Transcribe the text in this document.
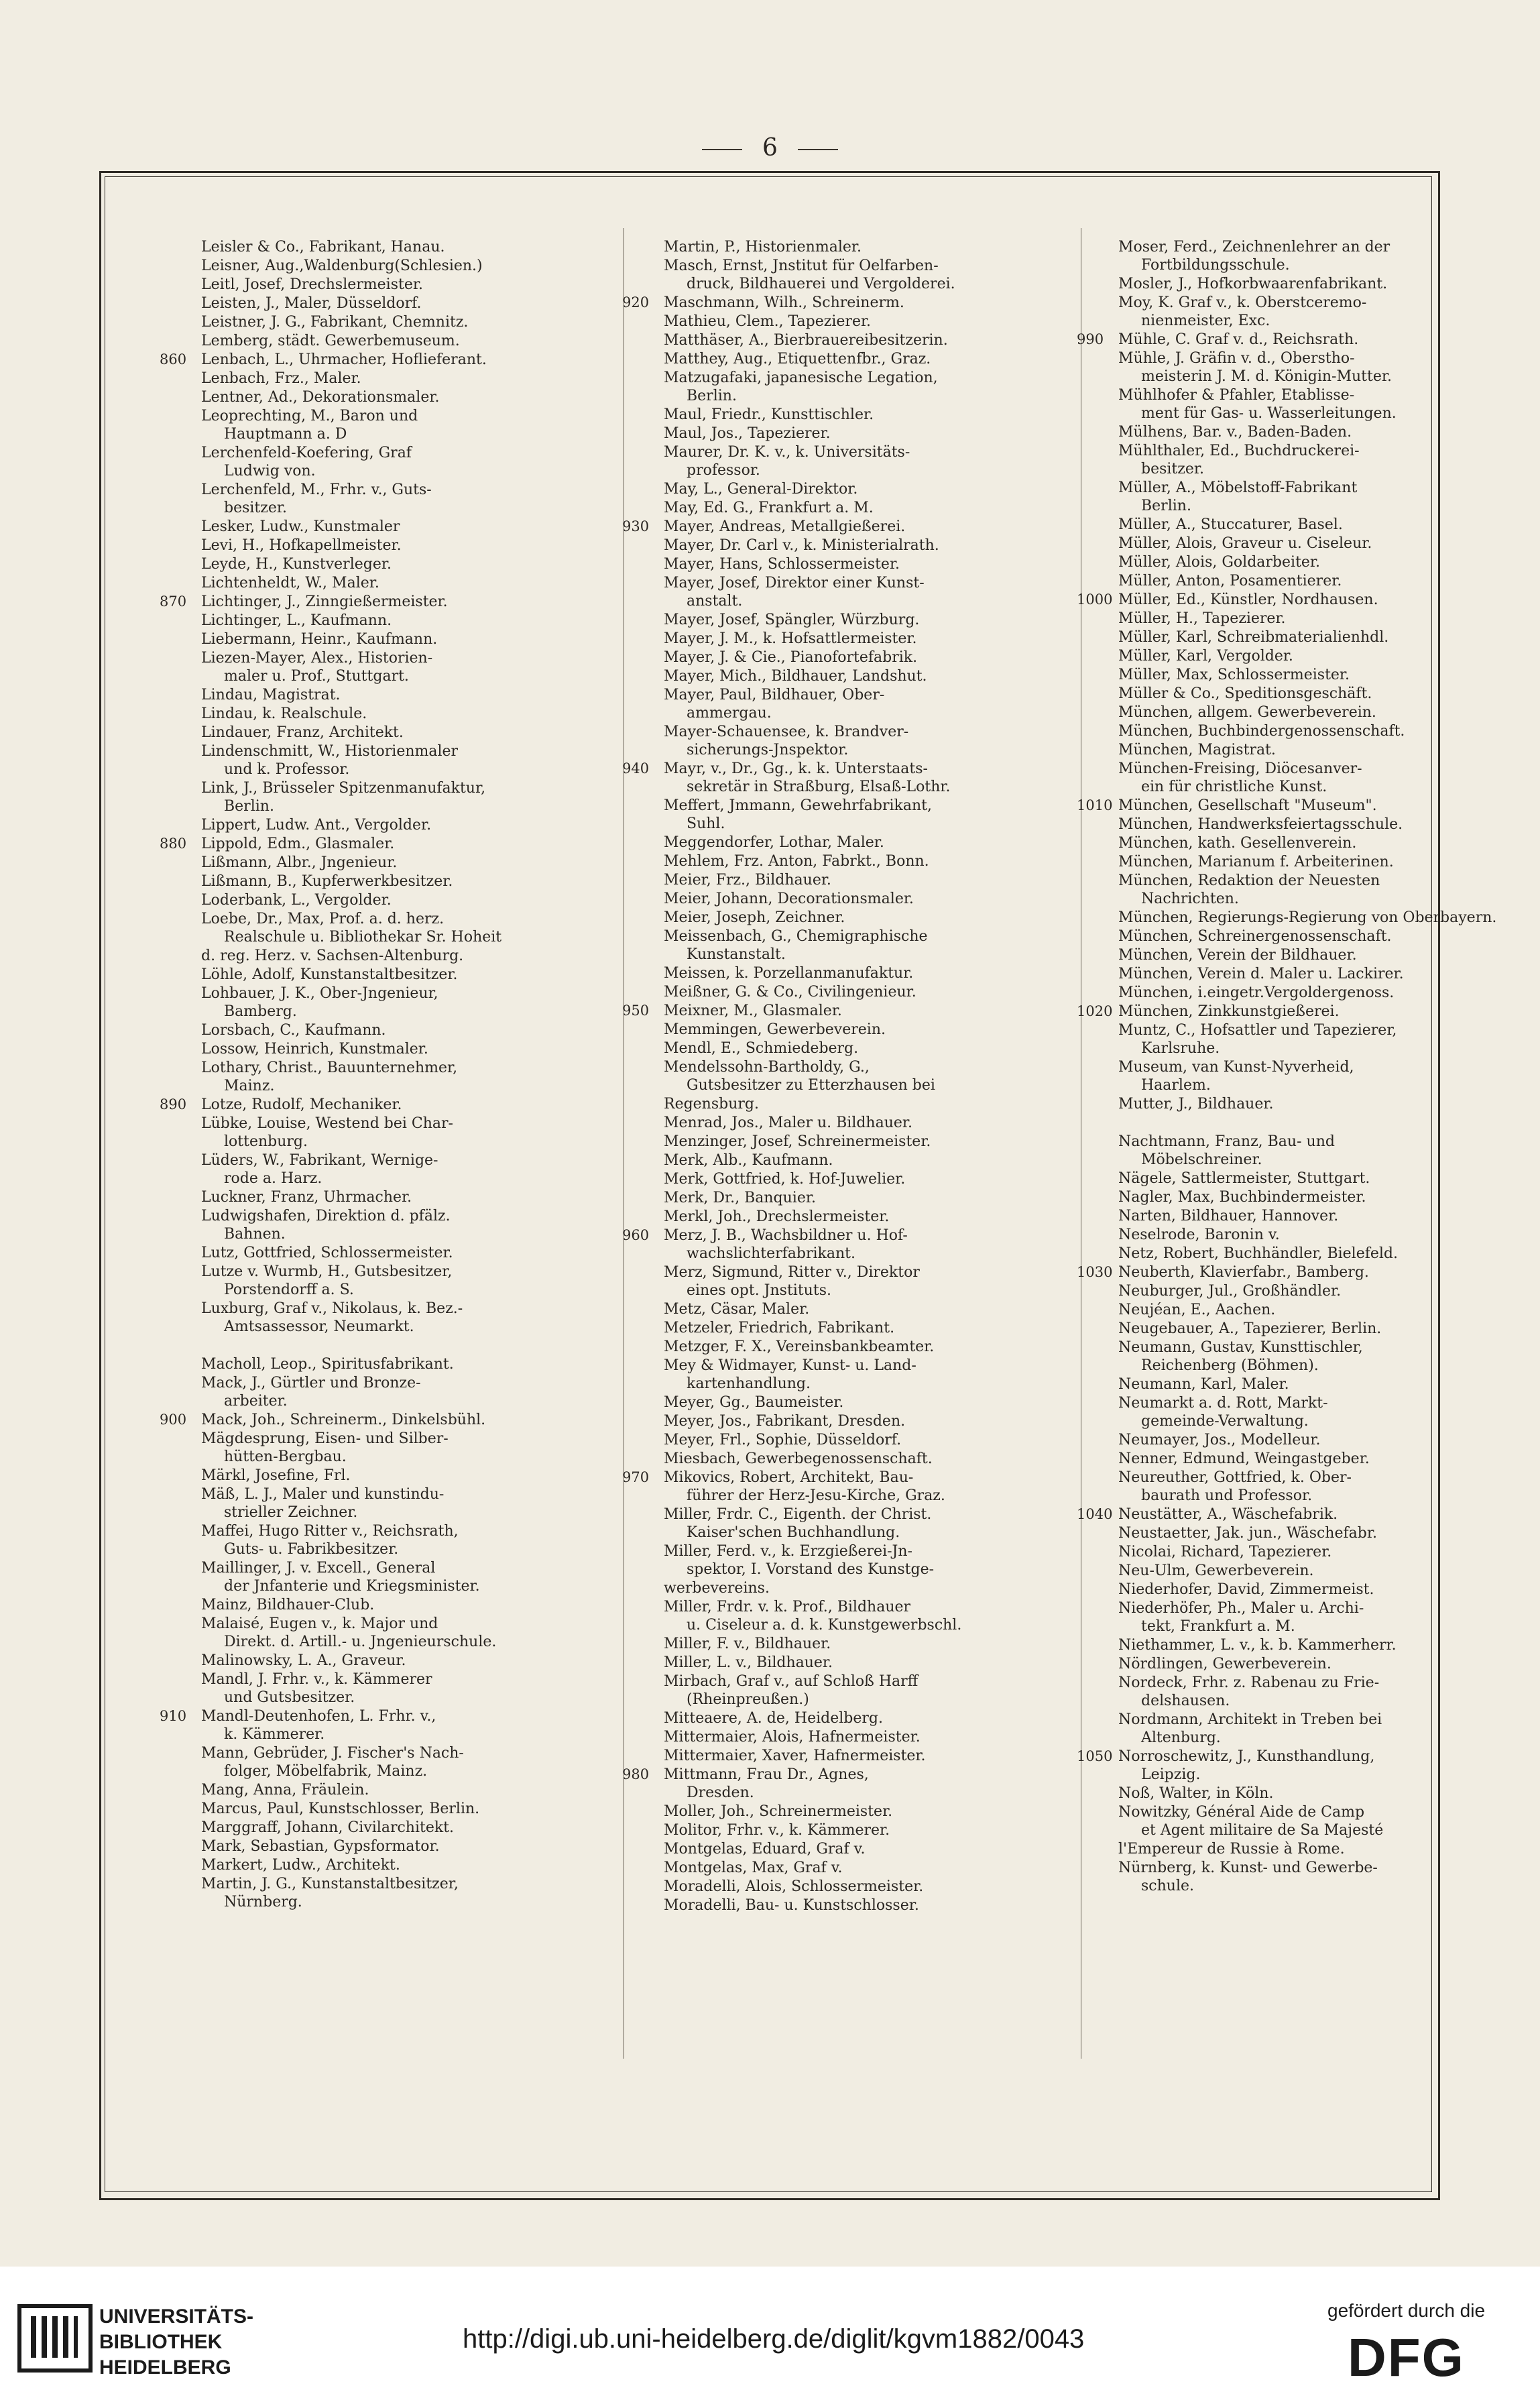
6
Leisler & Co., Fabrikant, Hanau.
Leisner, Aug.,Waldenburg(Schlesien.)
Leitl, Josef, Drechslermeister.
Leisten, J., Maler, Düsseldorf.
Leistner, J. G., Fabrikant, Chemnitz.
Lemberg, städt. Gewerbemuseum.
860 Lenbach, L., Uhrmacher, Hoflieferant.
Lenbach, Frz., Maler.
Lentner, Ad., Dekorationsmaler.
Leoprechting, M., Baron und
Hauptmann a. D
Lerchenfeld-Koefering, Graf
Ludwig von.
Lerchenfeld, M., Frhr. v., Guts-
besitzer.
Lesker, Ludw., Kunstmaler
Levi, H., Hofkapellmeister.
Leyde, H., Kunstverleger.
Lichtenheldt, W., Maler.
870 Lichtinger, J., Zinngießermeister.
Lichtinger, L., Kaufmann.
Liebermann, Heinr., Kaufmann.
Liezen-Mayer, Alex., Historien-
maler u. Prof., Stuttgart.
Lindau, Magistrat.
Lindau, k. Realschule.
Lindauer, Franz, Architekt.
Lindenschmitt, W., Historienmaler
und k. Professor.
Link, J., Brüsseler Spitzenmanufaktur,
Berlin.
Lippert, Ludw. Ant., Vergolder.
880 Lippold, Edm., Glasmaler.
Lißmann, Albr., Jngenieur.
Lißmann, B., Kupferwerkbesitzer.
Loderbank, L., Vergolder.
Loebe, Dr., Max, Prof. a. d. herz.
Realschule u. Bibliothekar Sr. Hoheit
d. reg. Herz. v. Sachsen-Altenburg.
Löhle, Adolf, Kunstanstaltbesitzer.
Lohbauer, J. K., Ober-Jngenieur,
Bamberg.
Lorsbach, C., Kaufmann.
Lossow, Heinrich, Kunstmaler.
Lothary, Christ., Bauunternehmer,
Mainz.
890 Lotze, Rudolf, Mechaniker.
Lübke, Louise, Westend bei Char-
lottenburg.
Lüders, W., Fabrikant, Wernige-
rode a. Harz.
Luckner, Franz, Uhrmacher.
Ludwigshafen, Direktion d. pfälz.
Bahnen.
Lutz, Gottfried, Schlossermeister.
Lutze v. Wurmb, H., Gutsbesitzer,
Porstendorff a. S.
Luxburg, Graf v., Nikolaus, k. Bez.-
Amtsassessor, Neumarkt.

Macholl, Leop., Spiritusfabrikant.
Mack, J., Gürtler und Bronze-
arbeiter.
900 Mack, Joh., Schreinerm., Dinkelsbühl.
Mägdesprung, Eisen- und Silber-
hütten-Bergbau.
Märkl, Josefine, Frl.
Mäß, L. J., Maler und kunstindu-
strieller Zeichner.
Maffei, Hugo Ritter v., Reichsrath,
Guts- u. Fabrikbesitzer.
Maillinger, J. v. Excell., General
der Jnfanterie und Kriegsminister.
Mainz, Bildhauer-Club.
Malaisé, Eugen v., k. Major und
Direkt. d. Artill.- u. Jngenieurschule.
Malinowsky, L. A., Graveur.
Mandl, J. Frhr. v., k. Kämmerer
und Gutsbesitzer.
910 Mandl-Deutenhofen, L. Frhr. v.,
k. Kämmerer.
Mann, Gebrüder, J. Fischer's Nach-
folger, Möbelfabrik, Mainz.
Mang, Anna, Fräulein.
Marcus, Paul, Kunstschlosser, Berlin.
Marggraff, Johann, Civilarchitekt.
Mark, Sebastian, Gypsformator.
Markert, Ludw., Architekt.
Martin, J. G., Kunstanstaltbesitzer,
Nürnberg.
Martin, P., Historienmaler.
Masch, Ernst, Jnstitut für Oelfarben-
druck, Bildhauerei und Vergolderei.
920 Maschmann, Wilh., Schreinerm.
Mathieu, Clem., Tapezierer.
Matthäser, A., Bierbrauereibesitzerin.
Matthey, Aug., Etiquettenfbr., Graz.
Matzugafaki, japanesische Legation,
Berlin.
Maul, Friedr., Kunsttischler.
Maul, Jos., Tapezierer.
Maurer, Dr. K. v., k. Universitäts-
professor.
May, L., General-Direktor.
May, Ed. G., Frankfurt a. M.
930 Mayer, Andreas, Metallgießerei.
Mayer, Dr. Carl v., k. Ministerialrath.
Mayer, Hans, Schlossermeister.
Mayer, Josef, Direktor einer Kunst-
anstalt.
Mayer, Josef, Spängler, Würzburg.
Mayer, J. M., k. Hofsattlermeister.
Mayer, J. & Cie., Pianofortefabrik.
Mayer, Mich., Bildhauer, Landshut.
Mayer, Paul, Bildhauer, Ober-
ammergau.
Mayer-Schauensee, k. Brandver-
sicherungs-Jnspektor.
940 Mayr, v., Dr., Gg., k. k. Unterstaats-
sekretär in Straßburg, Elsaß-Lothr.
Meffert, Jmmann, Gewehrfabrikant,
Suhl.
Meggendorfer, Lothar, Maler.
Mehlem, Frz. Anton, Fabrkt., Bonn.
Meier, Frz., Bildhauer.
Meier, Johann, Decorationsmaler.
Meier, Joseph, Zeichner.
Meissenbach, G., Chemigraphische
Kunstanstalt.
Meissen, k. Porzellanmanufaktur.
Meißner, G. & Co., Civilingenieur.
950 Meixner, M., Glasmaler.
Memmingen, Gewerbeverein.
Mendl, E., Schmiedeberg.
Mendelssohn-Bartholdy, G.,
Gutsbesitzer zu Etterzhausen bei
Regensburg.
Menrad, Jos., Maler u. Bildhauer.
Menzinger, Josef, Schreinermeister.
Merk, Alb., Kaufmann.
Merk, Gottfried, k. Hof-Juwelier.
Merk, Dr., Banquier.
Merkl, Joh., Drechslermeister.
960 Merz, J. B., Wachsbildner u. Hof-
wachslichterfabrikant.
Merz, Sigmund, Ritter v., Direktor
eines opt. Jnstituts.
Metz, Cäsar, Maler.
Metzeler, Friedrich, Fabrikant.
Metzger, F. X., Vereinsbankbeamter.
Mey & Widmayer, Kunst- u. Land-
kartenhandlung.
Meyer, Gg., Baumeister.
Meyer, Jos., Fabrikant, Dresden.
Meyer, Frl., Sophie, Düsseldorf.
Miesbach, Gewerbegenossenschaft.
970 Mikovics, Robert, Architekt, Bau-
führer der Herz-Jesu-Kirche, Graz.
Miller, Frdr. C., Eigenth. der Christ.
Kaiser'schen Buchhandlung.
Miller, Ferd. v., k. Erzgießerei-Jn-
spektor, I. Vorstand des Kunstge-
werbevereins.
Miller, Frdr. v. k. Prof., Bildhauer
u. Ciseleur a. d. k. Kunstgewerbschl.
Miller, F. v., Bildhauer.
Miller, L. v., Bildhauer.
Mirbach, Graf v., auf Schloß Harff
(Rheinpreußen.)
Mitteaere, A. de, Heidelberg.
Mittermaier, Alois, Hafnermeister.
Mittermaier, Xaver, Hafnermeister.
980 Mittmann, Frau Dr., Agnes,
Dresden.
Moller, Joh., Schreinermeister.
Molitor, Frhr. v., k. Kämmerer.
Montgelas, Eduard, Graf v.
Montgelas, Max, Graf v.
Moradelli, Alois, Schlossermeister.
Moradelli, Bau- u. Kunstschlosser.
Moser, Ferd., Zeichnenlehrer an der
Fortbildungsschule.
Mosler, J., Hofkorbwaarenfabrikant.
Moy, K. Graf v., k. Oberstceremo-
nienmeister, Exc.
990 Mühle, C. Graf v. d., Reichsrath.
Mühle, J. Gräfin v. d., Oberstho-
meisterin J. M. d. Königin-Mutter.
Mühlhofer & Pfahler, Etablisse-
ment für Gas- u. Wasserleitungen.
Mülhens, Bar. v., Baden-Baden.
Mühlthaler, Ed., Buchdruckerei-
besitzer.
Müller, A., Möbelstoff-Fabrikant
Berlin.
Müller, A., Stuccaturer, Basel.
Müller, Alois, Graveur u. Ciseleur.
Müller, Alois, Goldarbeiter.
Müller, Anton, Posamentierer.
1000 Müller, Ed., Künstler, Nordhausen.
Müller, H., Tapezierer.
Müller, Karl, Schreibmaterialienhdl.
Müller, Karl, Vergolder.
Müller, Max, Schlossermeister.
Müller & Co., Speditionsgeschäft.
München, allgem. Gewerbeverein.
München, Buchbindergenossenschaft.
München, Magistrat.
München-Freising, Diöcesanver-
ein für christliche Kunst.
1010 München, Gesellschaft "Museum".
München, Handwerksfeiertagsschule.
München, kath. Gesellenverein.
München, Marianum f. Arbeiterinen.
München, Redaktion der Neuesten
Nachrichten.
München, Regierungs-Regierung von Oberbayern.
München, Schreinergenossenschaft.
München, Verein der Bildhauer.
München, Verein d. Maler u. Lackirer.
München, i.eingetr.Vergoldergenoss.
1020 München, Zinkkunstgießerei.
Muntz, C., Hofsattler und Tapezierer,
Karlsruhe.
Museum, van Kunst-Nyverheid,
Haarlem.
Mutter, J., Bildhauer.

Nachtmann, Franz, Bau- und
Möbelschreiner.
Nägele, Sattlermeister, Stuttgart.
Nagler, Max, Buchbindermeister.
Narten, Bildhauer, Hannover.
Neselrode, Baronin v.
Netz, Robert, Buchhändler, Bielefeld.
1030 Neuberth, Klavierfabr., Bamberg.
Neuburger, Jul., Großhändler.
Neujéan, E., Aachen.
Neugebauer, A., Tapezierer, Berlin.
Neumann, Gustav, Kunsttischler,
Reichenberg (Böhmen).
Neumann, Karl, Maler.
Neumarkt a. d. Rott, Markt-
gemeinde-Verwaltung.
Neumayer, Jos., Modelleur.
Nenner, Edmund, Weingastgeber.
Neureuther, Gottfried, k. Ober-
baurath und Professor.
1040 Neustätter, A., Wäschefabrik.
Neustaetter, Jak. jun., Wäschefabr.
Nicolai, Richard, Tapezierer.
Neu-Ulm, Gewerbeverein.
Niederhofer, David, Zimmermeist.
Niederhöfer, Ph., Maler u. Archi-
tekt, Frankfurt a. M.
Niethammer, L. v., k. b. Kammerherr.
Nördlingen, Gewerbeverein.
Nordeck, Frhr. z. Rabenau zu Frie-
delshausen.
Nordmann, Architekt in Treben bei
Altenburg.
1050 Norroschewitz, J., Kunsthandlung,
Leipzig.
Noß, Walter, in Köln.
Nowitzky, Général Aide de Camp
et Agent militaire de Sa Majesté
l'Empereur de Russie à Rome.
Nürnberg, k. Kunst- und Gewerbe-
schule.
UNIVERSITÄTS-
BIBLIOTHEK
HEIDELBERG
http://digi.ub.uni-heidelberg.de/diglit/kgvm1882/0043
gefördert durch die
DFG
